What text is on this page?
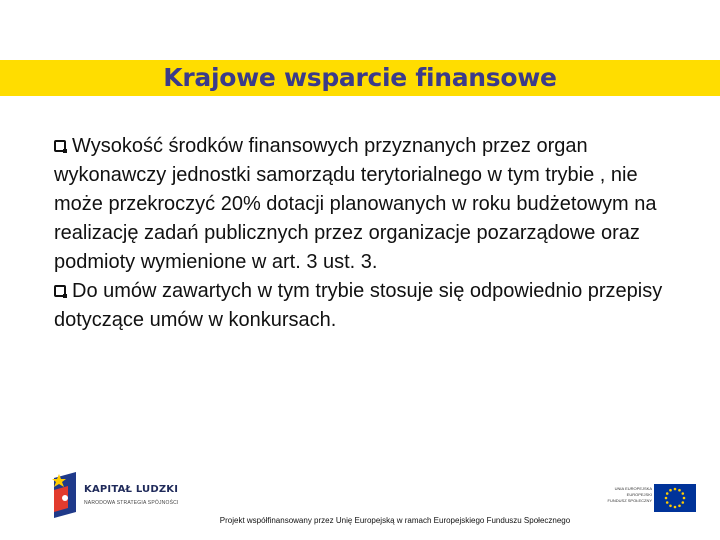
Krajowe wsparcie finansowe

Wysokość środków finansowych przyznanych przez organ wykonawczy jednostki samorządu terytorialnego w tym trybie , nie może przekroczyć 20% dotacji planowanych w roku budżetowym na realizację zadań publicznych przez organizacje pozarządowe oraz podmioty wymienione w art. 3 ust. 3.

Do umów zawartych w tym trybie stosuje się odpowiednio przepisy dotyczące umów w konkursach.

KAPITAŁ LUDZKI

NARODOWA STRATEGIA SPÓJNOŚCI

UNIA EUROPEJSKA
EUROPEJSKI
FUNDUSZ SPOŁECZNY

Projekt współfinansowany przez Unię Europejską w ramach Europejskiego Funduszu Społecznego
